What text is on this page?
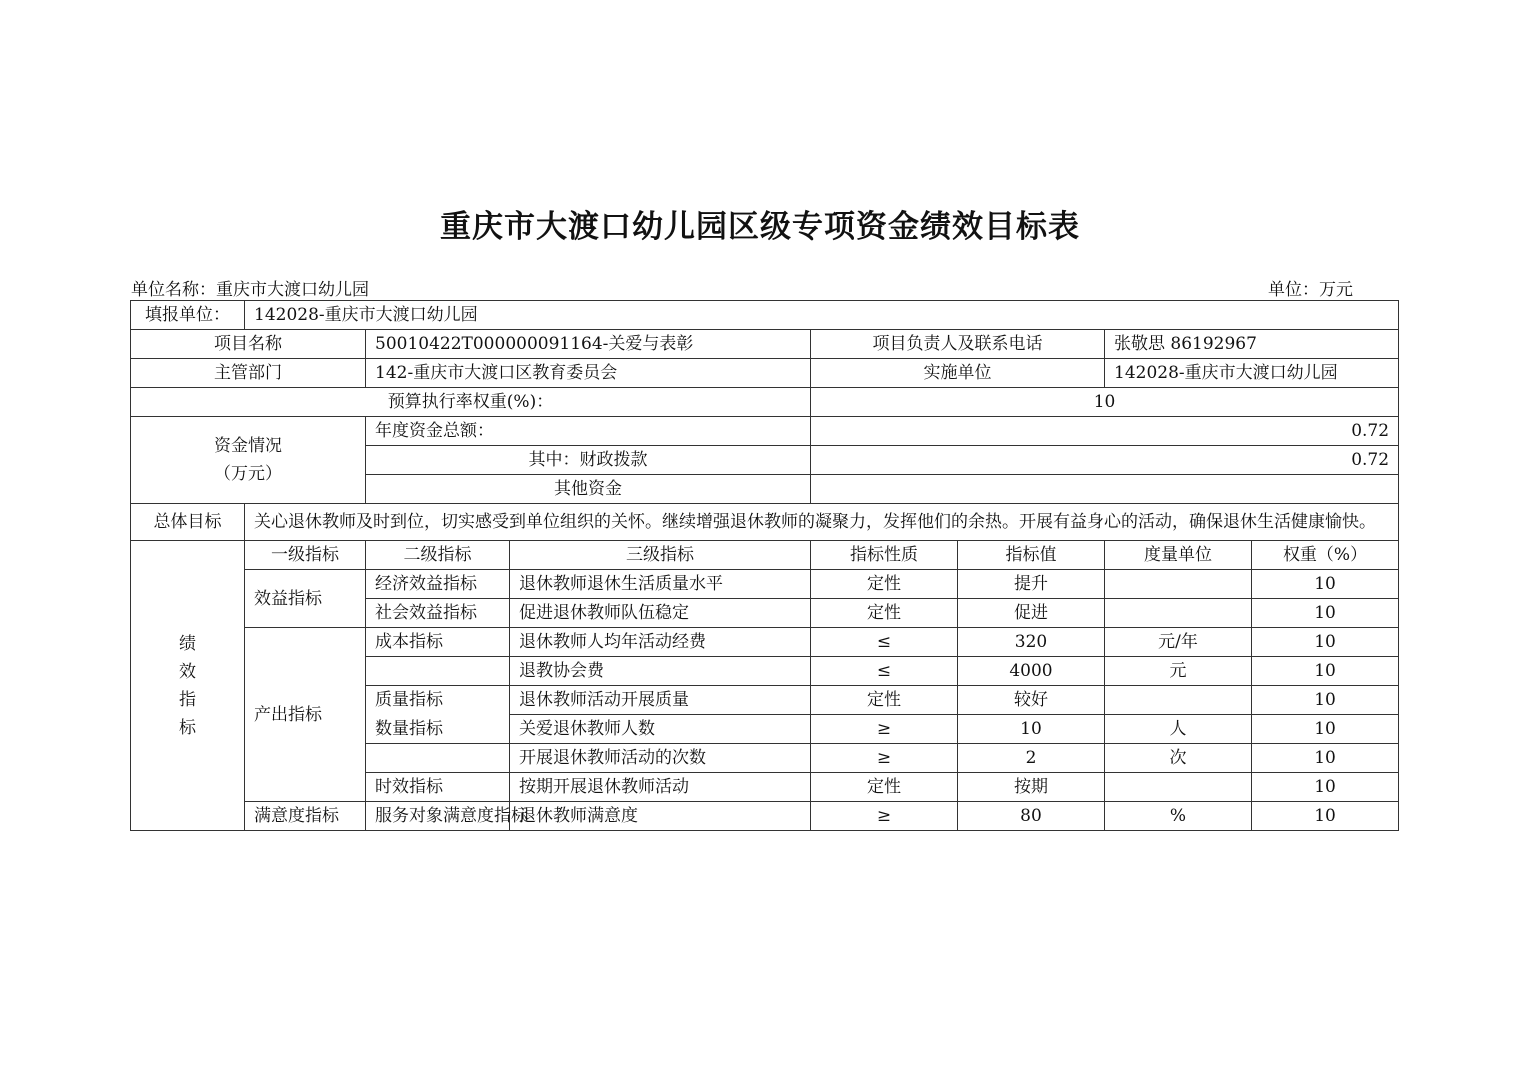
重庆市大渡口幼儿园区级专项资金绩效目标表
单位名称：重庆市大渡口幼儿园	单位：万元
填报单位：	142028-重庆市大渡口幼儿园						
项目名称		50010422T000000091164-关爱与表彰		项目负责人及联系电话		张敬思 86192967	
主管部门		142-重庆市大渡口区教育委员会		实施单位		142028-重庆市大渡口幼儿园	
预算执行率权重(%)：				10			

资金情况
（万元）		年度资金总额：		0.72			
		其中：财政拨款		0.72			
		其他资金					
总体目标	关心退休教师及时到位，切实感受到单位组织的关怀。继续增强退休教师的凝聚力，发挥他们的余热。开展有益身心的活动，确保退休生活健康愉快。						

绩
效
指
标	一级指标	二级指标	三级指标	指标性质	指标值	度量单位	权重（%）
	效益指标	经济效益指标	退休教师退休生活质量水平	定性	提升		10
		社会效益指标	促进退休教师队伍稳定	定性	促进		10
	产出指标	成本指标	退休教师人均年活动经费	≤	320	元/年	10
			退教协会费	≤	4000	元	10
		质量指标	退休教师活动开展质量	定性	较好		10
		数量指标	关爱退休教师人数	≥	10	人	10
			开展退休教师活动的次数	≥	2	次	10
		时效指标	按期开展退休教师活动	定性	按期		10
	满意度指标	服务对象满意度指标	退休教师满意度	≥	80	%	10
